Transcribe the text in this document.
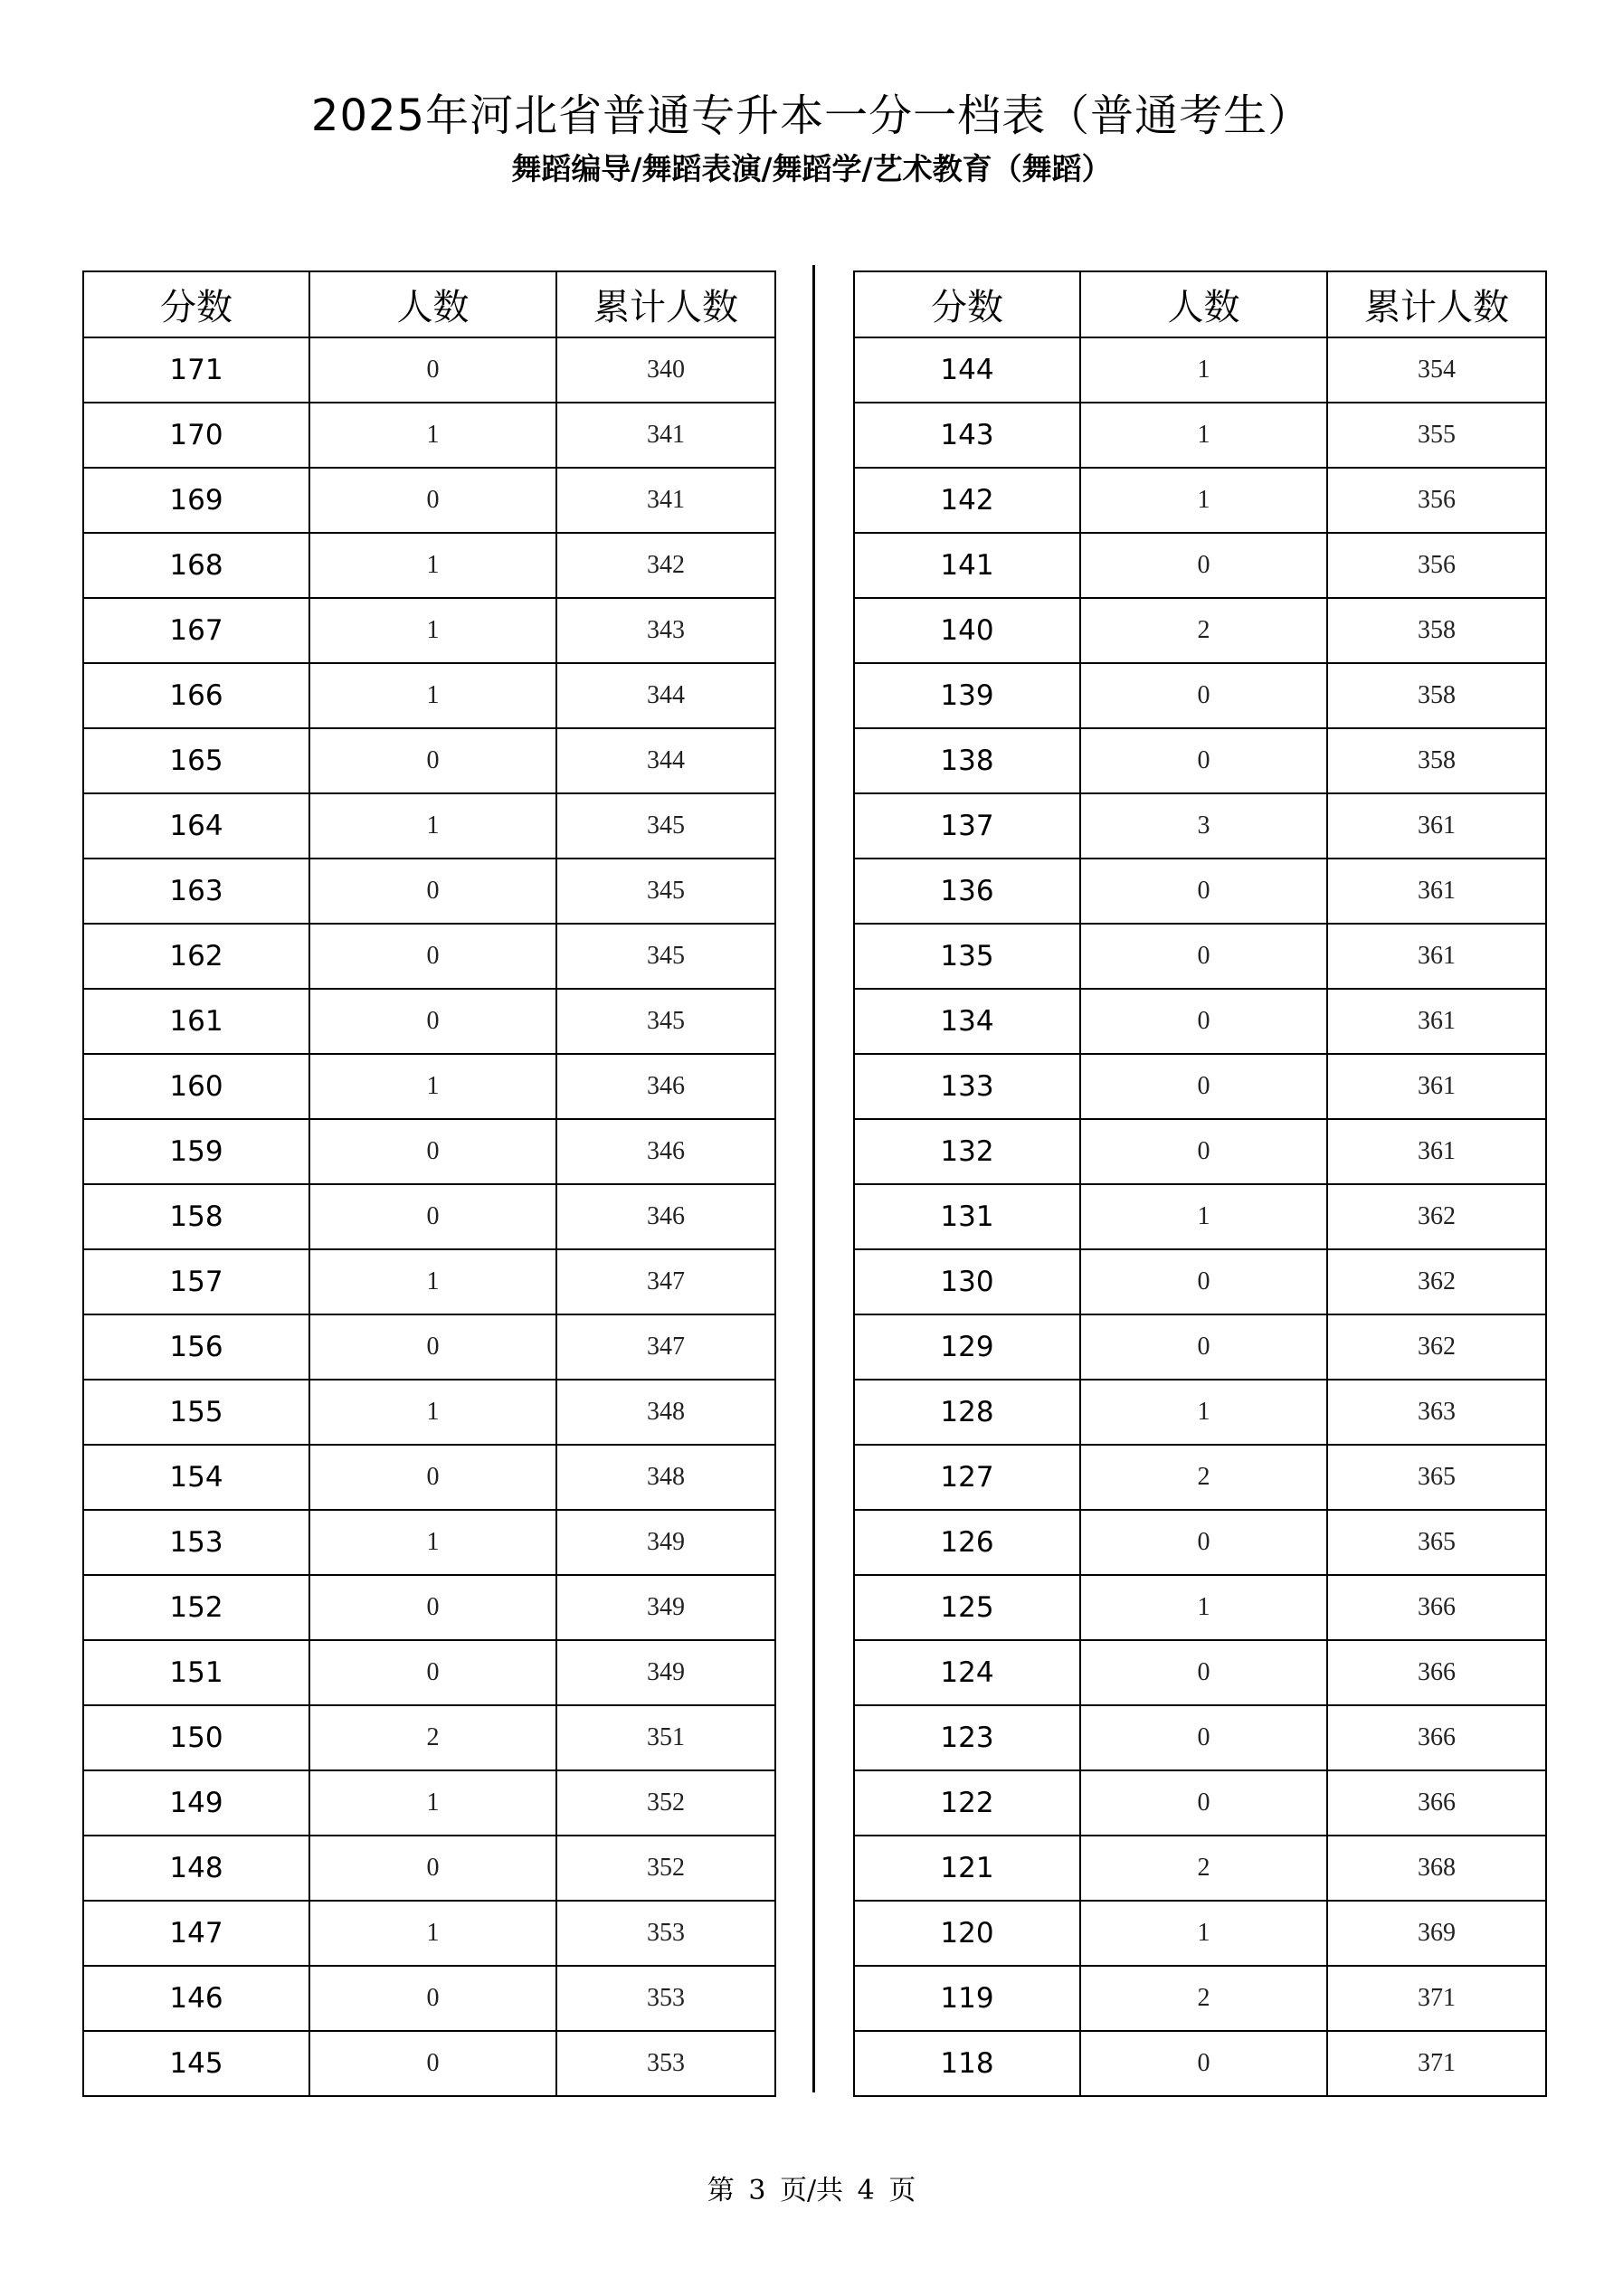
2025年河北省普通专升本一分一档表（普通考生）
舞蹈编导/舞蹈表演/舞蹈学/艺术教育（舞蹈）
分数	人数	累计人数
171	0	340
170	1	341
169	0	341
168	1	342
167	1	343
166	1	344
165	0	344
164	1	345
163	0	345
162	0	345
161	0	345
160	1	346
159	0	346
158	0	346
157	1	347
156	0	347
155	1	348
154	0	348
153	1	349
152	0	349
151	0	349
150	2	351
149	1	352
148	0	352
147	1	353
146	0	353
145	0	353
分数	人数	累计人数
144	1	354
143	1	355
142	1	356
141	0	356
140	2	358
139	0	358
138	0	358
137	3	361
136	0	361
135	0	361
134	0	361
133	0	361
132	0	361
131	1	362
130	0	362
129	0	362
128	1	363
127	2	365
126	0	365
125	1	366
124	0	366
123	0	366
122	0	366
121	2	368
120	1	369
119	2	371
118	0	371
第 3 页/共 4 页
